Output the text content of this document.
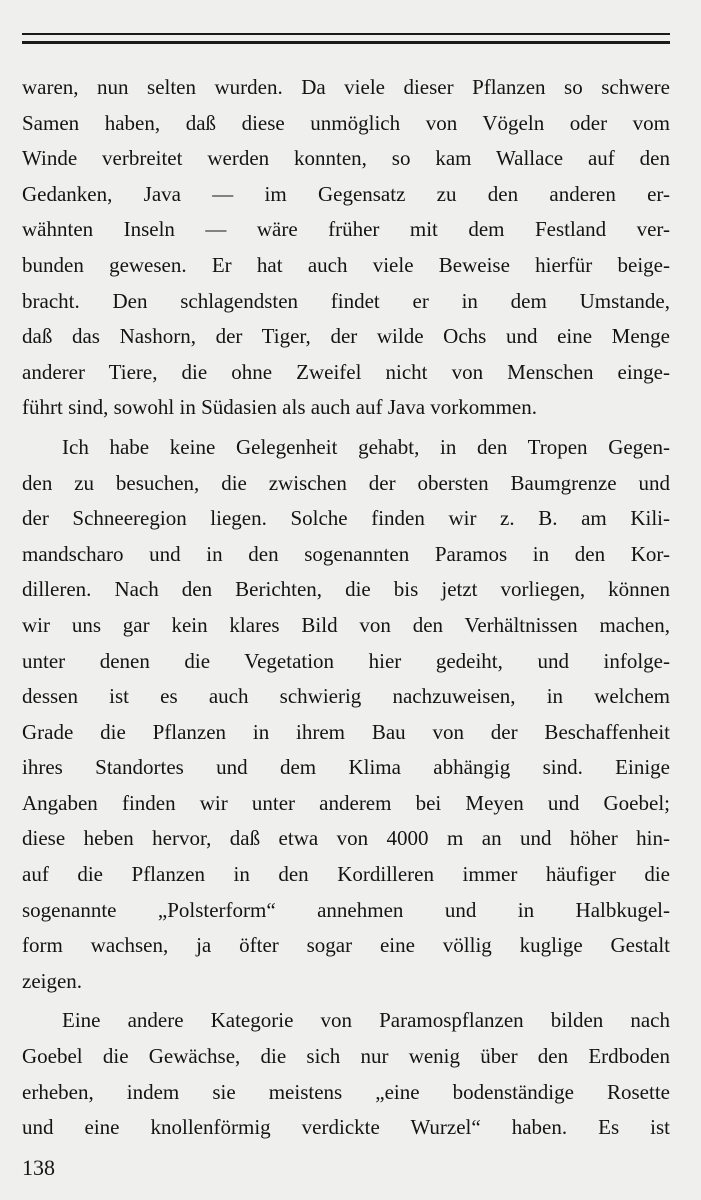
waren, nun selten wurden. Da viele dieser Pflanzen so schwere
Samen haben, daß diese unmöglich von Vögeln oder vom
Winde verbreitet werden konnten, so kam Wallace auf den
Gedanken, Java — im Gegensatz zu den anderen er-
wähnten Inseln — wäre früher mit dem Festland ver-
bunden gewesen. Er hat auch viele Beweise hierfür beige-
bracht. Den schlagendsten findet er in dem Umstande,
daß das Nashorn, der Tiger, der wilde Ochs und eine Menge
anderer Tiere, die ohne Zweifel nicht von Menschen einge-
führt sind, sowohl in Südasien als auch auf Java vorkommen.
Ich habe keine Gelegenheit gehabt, in den Tropen Gegen-
den zu besuchen, die zwischen der obersten Baumgrenze und
der Schneeregion liegen. Solche finden wir z. B. am Kili-
mandscharo und in den sogenannten Paramos in den Kor-
dilleren. Nach den Berichten, die bis jetzt vorliegen, können
wir uns gar kein klares Bild von den Verhältnissen machen,
unter denen die Vegetation hier gedeiht, und infolge-
dessen ist es auch schwierig nachzuweisen, in welchem
Grade die Pflanzen in ihrem Bau von der Beschaffenheit
ihres Standortes und dem Klima abhängig sind. Einige
Angaben finden wir unter anderem bei Meyen und Goebel;
diese heben hervor, daß etwa von 4000 m an und höher hin-
auf die Pflanzen in den Kordilleren immer häufiger die
sogenannte „Polsterform“ annehmen und in Halbkugel-
form wachsen, ja öfter sogar eine völlig kuglige Gestalt
zeigen.
Eine andere Kategorie von Paramospflanzen bilden nach
Goebel die Gewächse, die sich nur wenig über den Erdboden
erheben, indem sie meistens „eine bodenständige Rosette
und eine knollenförmig verdickte Wurzel“ haben. Es ist
138
